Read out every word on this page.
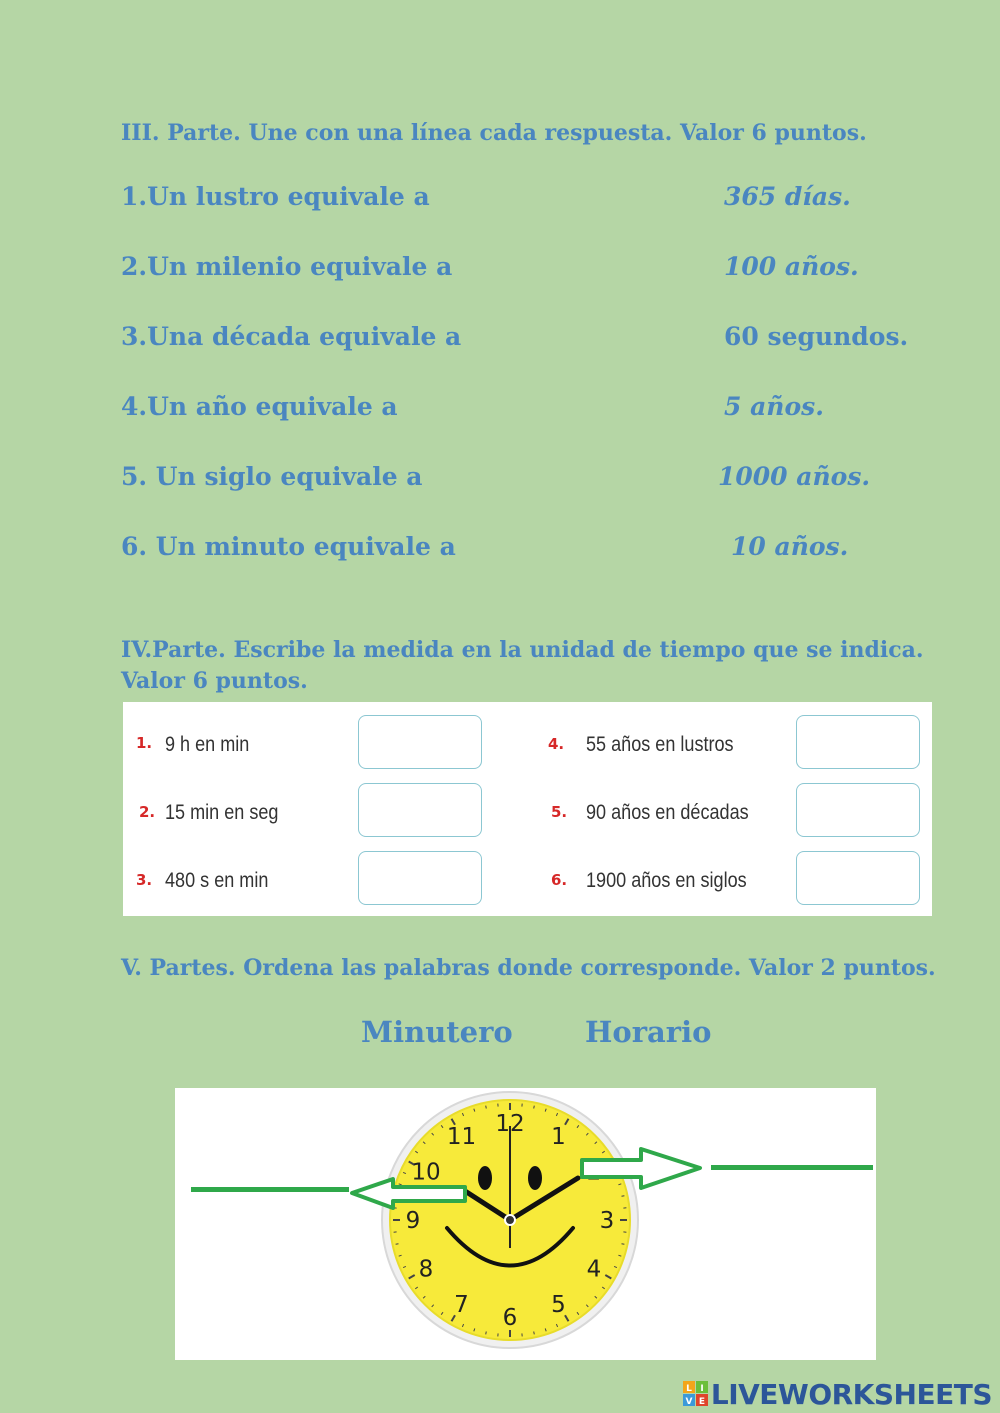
III. Parte. Une con una línea cada respuesta. Valor 6 puntos.
1.Un lustro equivale a
2.Un milenio equivale a
3.Una década equivale a
4.Un año equivale a
5. Un siglo equivale a
6. Un minuto equivale a
365 días.
100 años.
60 segundos.
5 años.
1000 años.
10 años.
IV.Parte. Escribe la medida en la unidad de tiempo que se indica.
Valor 6 puntos.
1. 9 h en min
2. 15 min en seg
3. 480 s en min
4. 55 años en lustros
5. 90 años en décadas
6. 1900 años en siglos
V. Partes. Ordena las palabras donde corresponde. Valor 2 puntos.
Minutero Horario
12 1
3
4
5
6
7
8
9
10
11
L I
V E LIVEWORKSHEETS
